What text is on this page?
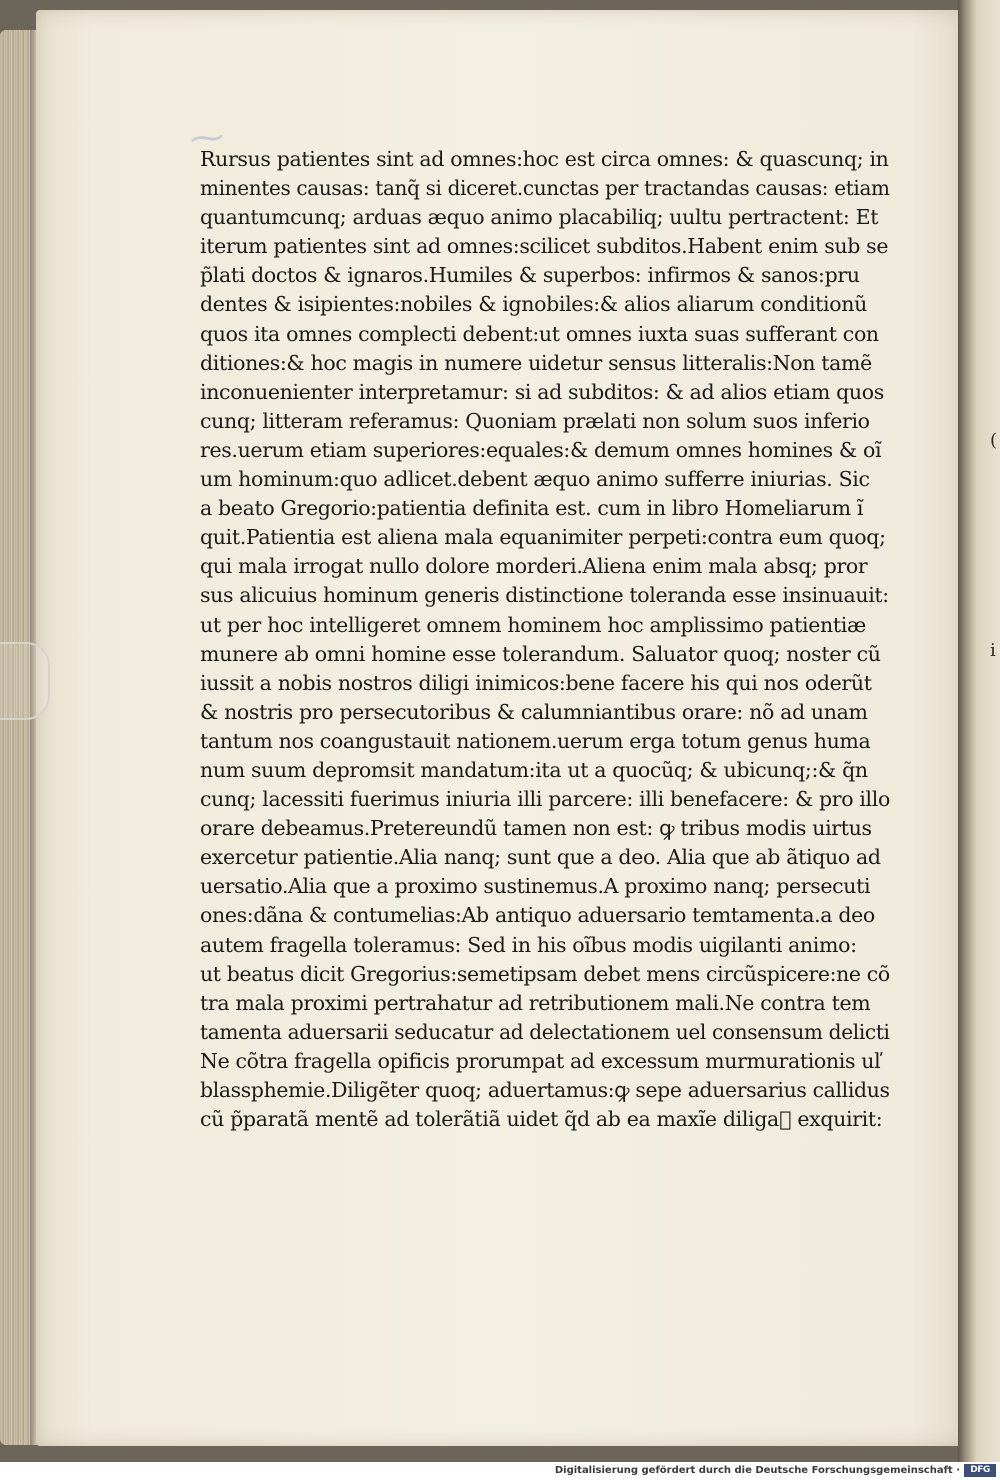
⁓
Rursus patientes sint ad omnes:hoc est circa omnes: & quascunq; in
minentes causas: tanq̃ si diceret.cunctas per tractandas causas: etiam
quantumcunq; arduas æquo animo placabiliq; uultu pertractent: Et
iterum patientes sint ad omnes:scilicet subditos.Habent enim sub se
p̃lati doctos & ignaros.Humiles & superbos: infirmos & sanos:pru
dentes & isipientes:nobiles & ignobiles:& alios aliarum conditionũ
quos ita omnes complecti debent:ut omnes iuxta suas sufferant con
ditiones:& hoc magis in numere uidetur sensus litteralis:Non tamẽ
inconuenienter interpretamur: si ad subditos: & ad alios etiam quos
cunq; litteram referamus: Quoniam prælati non solum suos inferio
res.uerum etiam superiores:equales:& demum omnes homines & oĩ
um hominum:quo adlicet.debent æquo animo sufferre iniurias. Sic
a beato Gregorio:patientia definita est. cum in libro Homeliarum ĩ
quit.Patientia est aliena mala equanimiter perpeti:contra eum quoq;
qui mala irrogat nullo dolore morderi.Aliena enim mala absq; pror
sus alicuius hominum generis distinctione toleranda esse insinuauit:
ut per hoc intelligeret omnem hominem hoc amplissimo patientiæ
munere ab omni homine esse tolerandum. Saluator quoq; noster cũ
iussit a nobis nostros diligi inimicos:bene facere his qui nos oderũt
& nostris pro persecutoribus & calumniantibus orare: nõ ad unam
tantum nos coangustauit nationem.uerum erga totum genus huma
num suum depromsit mandatum:ita ut a quocũq; & ubicunq;:& q̃n
cunq; lacessiti fuerimus iniuria illi parcere: illi benefacere: & pro illo
orare debeamus.Pretereundũ tamen non est: ꝙ tribus modis uirtus
exercetur patientie.Alia nanq; sunt que a deo. Alia que ab ãtiquo ad
uersatio.Alia que a proximo sustinemus.A proximo nanq; persecuti
ones:dãna & contumelias:Ab antiquo aduersario temtamenta.a deo
autem fragella toleramus: Sed in his oĩbus modis uigilanti animo:
ut beatus dicit Gregorius:semetipsam debet mens circũspicere:ne cõ
tra mala proximi pertrahatur ad retributionem mali.Ne contra tem
tamenta aduersarii seducatur ad delectationem uel consensum delicti
Ne cõtra fragella opificis prorumpat ad excessum murmurationis uľ
blassphemie.Diligẽter quoq; aduertamus:ꝙ sepe aduersarius callidus
cũ p̃paratã mentẽ ad tolerãtiã uidet q̃d ab ea maxĩe diligaᷣ exquirit:
(
i
Digitalisierung gefördert durch die Deutsche Forschungsgemeinschaft ·	DFG
